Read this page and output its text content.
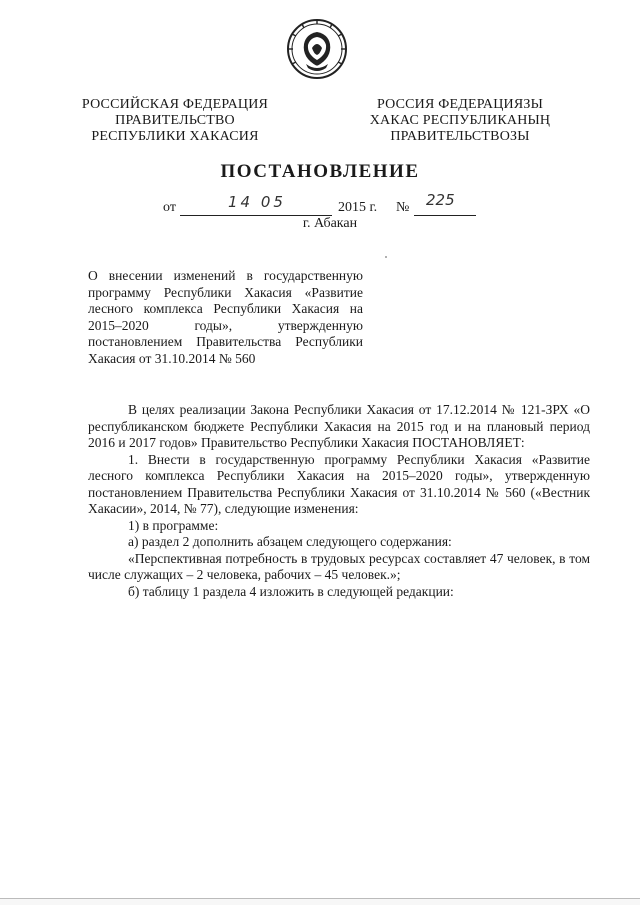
РОССИЙСКАЯ ФЕДЕРАЦИЯ
ПРАВИТЕЛЬСТВО
РЕСПУБЛИКИ ХАКАСИЯ
РОССИЯ ФЕДЕРАЦИЯЗЫ
ХАКАС РЕСПУБЛИКАНЫҢ
ПРАВИТЕЛЬСТВОЗЫ
ПОСТАНОВЛЕНИЕ
от	14 05	2015 г. № 225
г. Абакан
О внесении изменений в государственную
программу Республики Хакасия «Развитие
лесного комплекса Республики Хакасия на
2015–2020 годы», утвержденную
постановлением Правительства Республики
Хакасия от 31.10.2014 № 560

В целях реализации Закона Республики Хакасия от 17.12.2014 № 121-ЗРХ «О республиканском бюджете Республики Хакасия на 2015 год и на плановый период 2016 и 2017 годов» Правительство Республики Хакасия ПОСТАНОВЛЯЕТ:

1. Внести в государственную программу Республики Хакасия «Развитие лесного комплекса Республики Хакасия на 2015–2020 годы», утвержденную постановлением Правительства Республики Хакасия от 31.10.2014 № 560 («Вестник Хакасии», 2014, № 77), следующие изменения:

1) в программе:

а) раздел 2 дополнить абзацем следующего содержания:

«Перспективная потребность в трудовых ресурсах составляет 47 человек, в том числе служащих – 2 человека, рабочих – 45 человек.»;

б) таблицу 1 раздела 4 изложить в следующей редакции:
